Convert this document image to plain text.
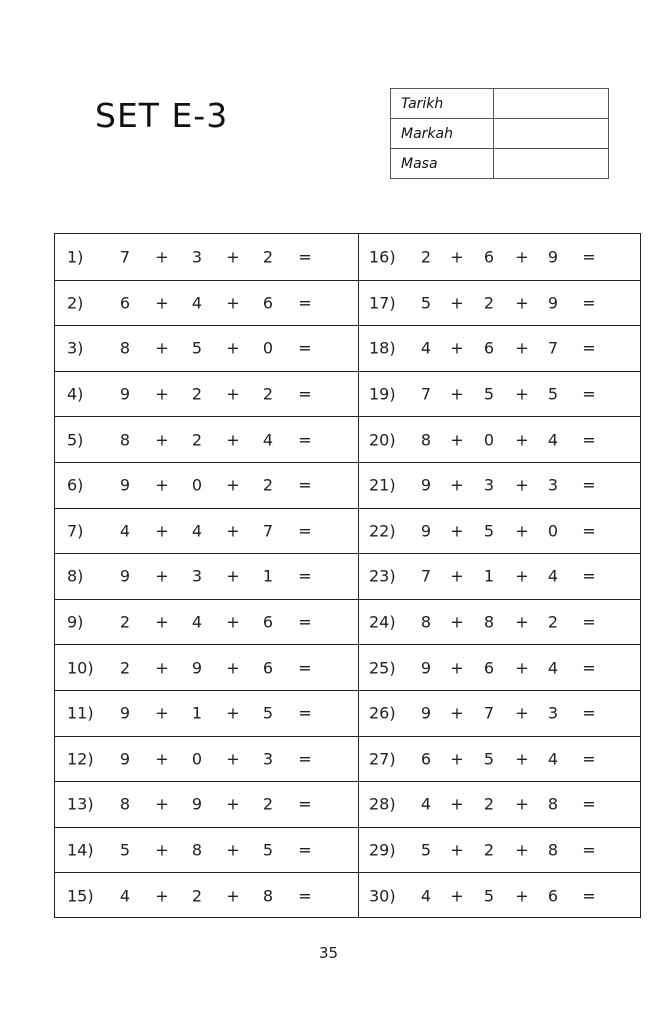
SET E-3	Tarikh	
Markah	
Masa	
1) 7 + 3 + 2 =	16) 2 + 6 + 9 =
2) 6 + 4 + 6 =	17) 5 + 2 + 9 =
3) 8 + 5 + 0 =	18) 4 + 6 + 7 =
4) 9 + 2 + 2 =	19) 7 + 5 + 5 =
5) 8 + 2 + 4 =	20) 8 + 0 + 4 =
6) 9 + 0 + 2 =	21) 9 + 3 + 3 =
7) 4 + 4 + 7 =	22) 9 + 5 + 0 =
8) 9 + 3 + 1 =	23) 7 + 1 + 4 =
9) 2 + 4 + 6 =	24) 8 + 8 + 2 =
10) 2 + 9 + 6 =	25) 9 + 6 + 4 =
11) 9 + 1 + 5 =	26) 9 + 7 + 3 =
12) 9 + 0 + 3 =	27) 6 + 5 + 4 =
13) 8 + 9 + 2 =	28) 4 + 2 + 8 =
14) 5 + 8 + 5 =	29) 5 + 2 + 8 =
15) 4 + 2 + 8 =	30) 4 + 5 + 6 =
35
